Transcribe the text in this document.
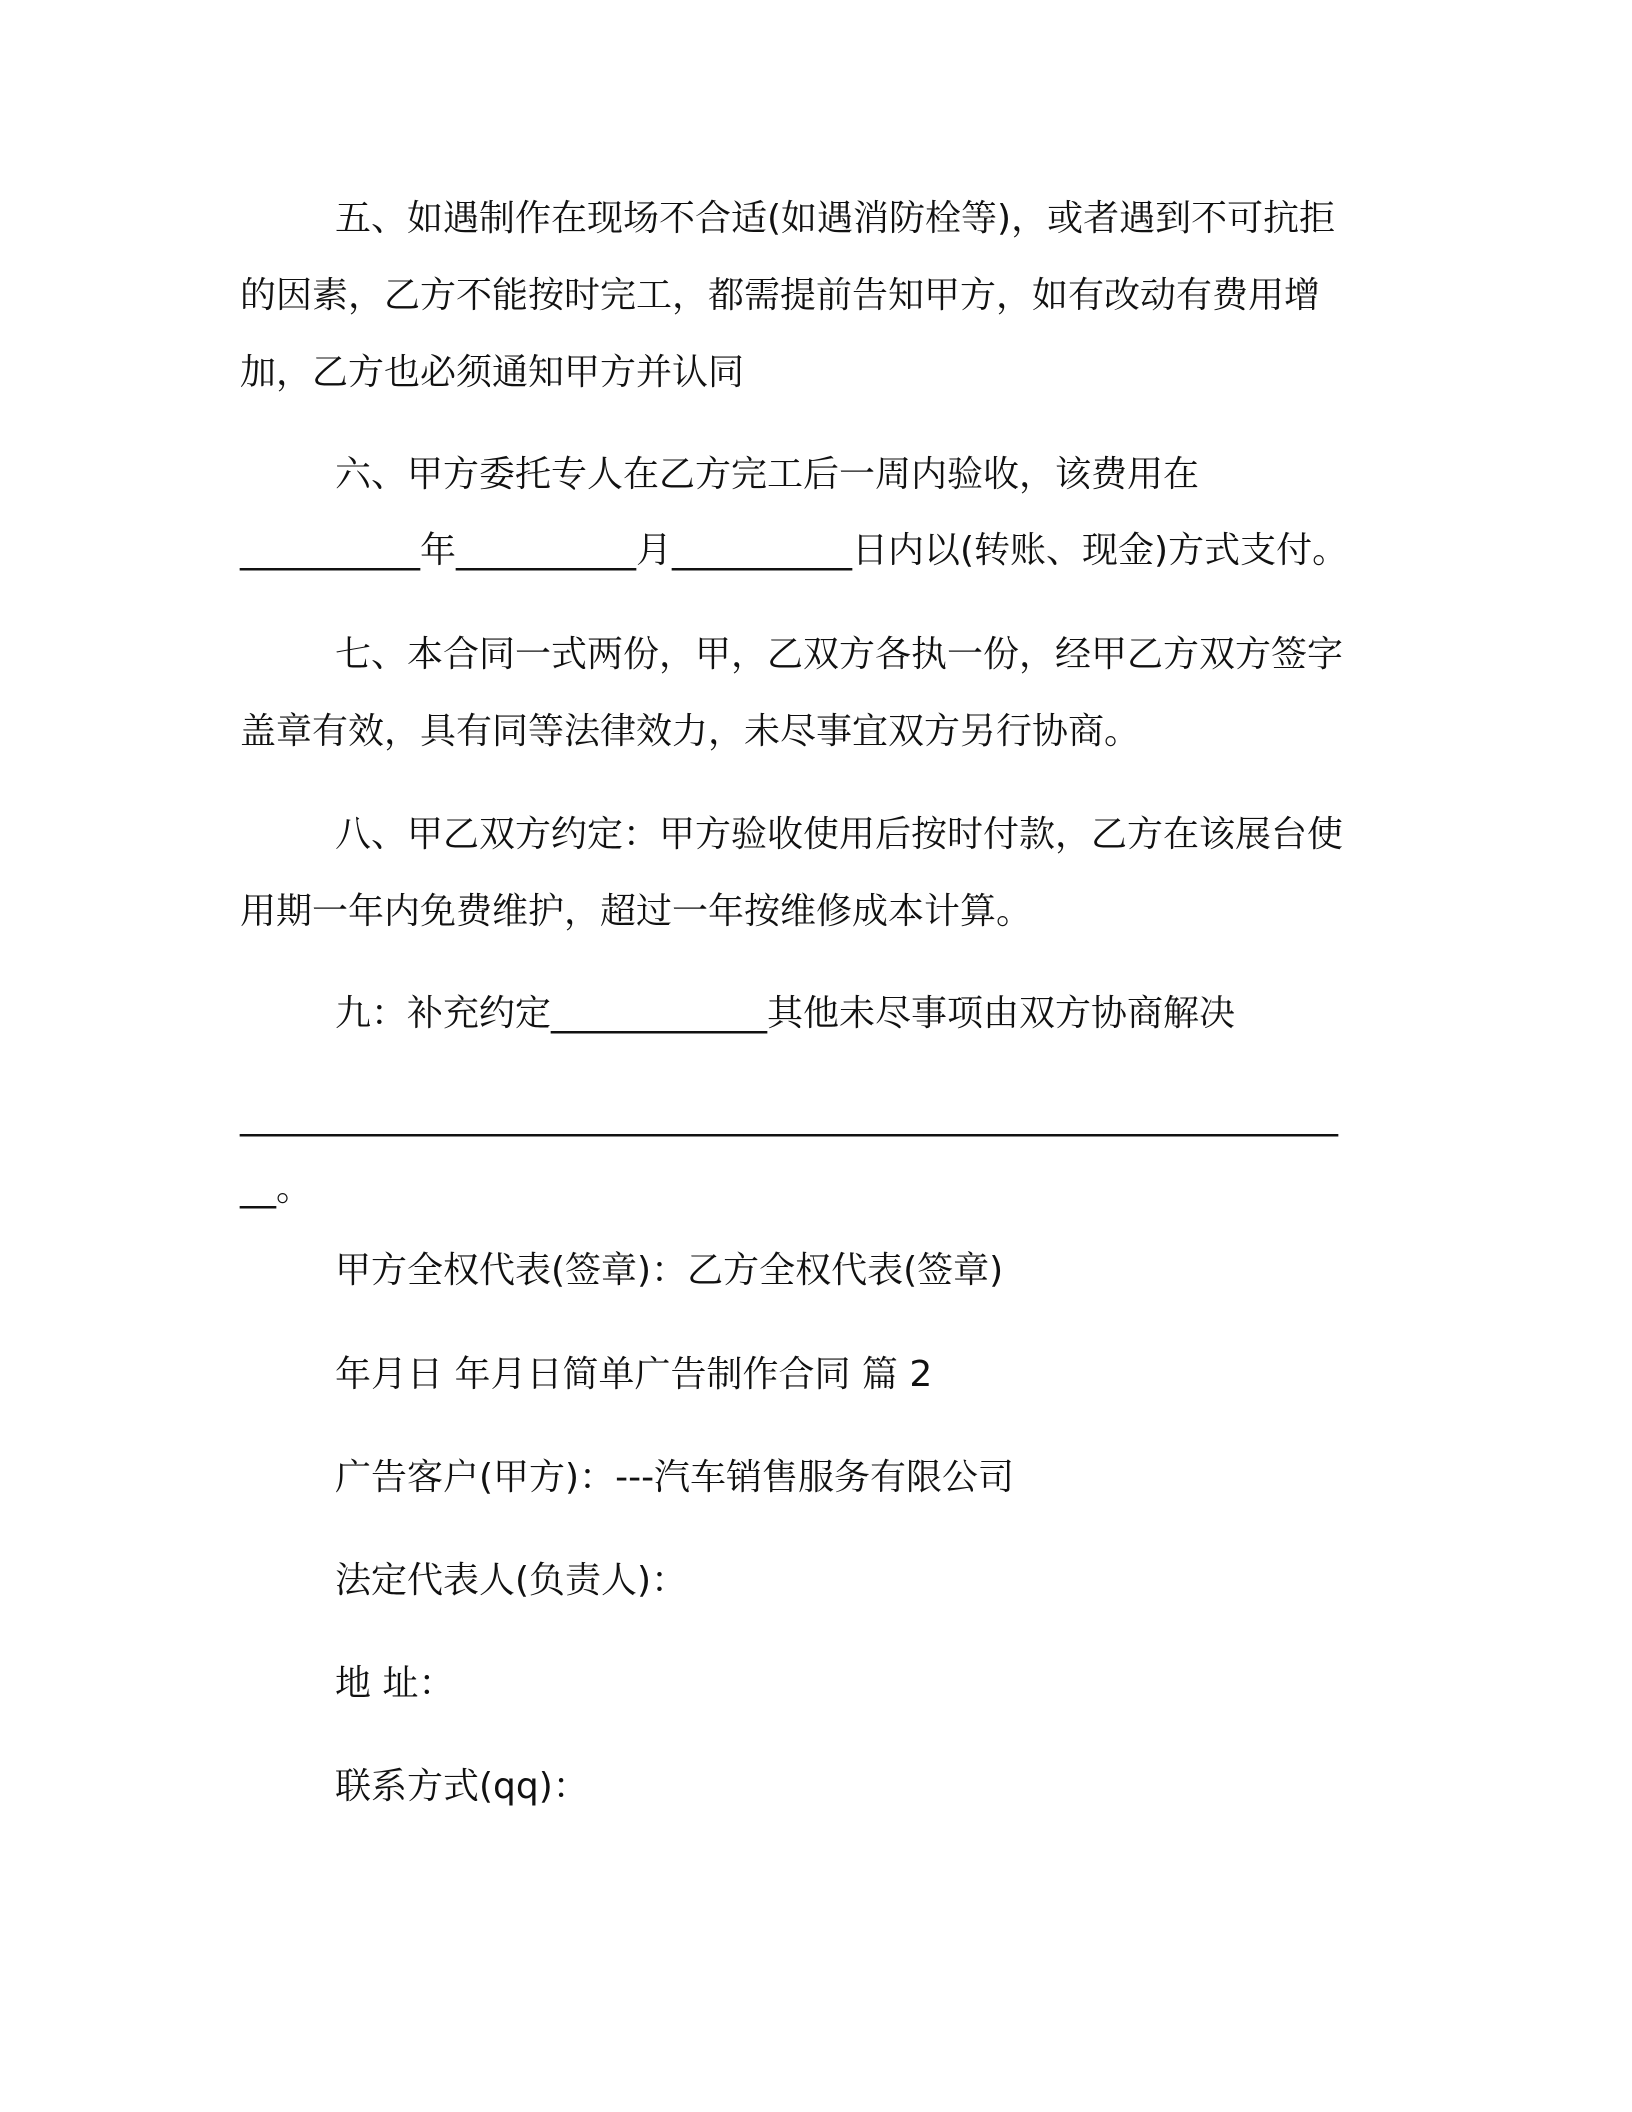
五、如遇制作在现场不合适(如遇消防栓等)，或者遇到不可抗拒
的因素，乙方不能按时完工，都需提前告知甲方，如有改动有费用增
加，乙方也必须通知甲方并认同
六、甲方委托专人在乙方完工后一周内验收，该费用在
__________年__________月__________日内以(转账、现金)方式支付。
七、本合同一式两份，甲，乙双方各执一份，经甲乙方双方签字
盖章有效，具有同等法律效力，未尽事宜双方另行协商。
八、甲乙双方约定：甲方验收使用后按时付款，乙方在该展台使
用期一年内免费维护，超过一年按维修成本计算。
九：补充约定____________其他未尽事项由双方协商解决
_____________________________________________________________
__。
甲方全权代表(签章)：乙方全权代表(签章)
年月日 年月日简单广告制作合同 篇 2
广告客户(甲方)：---汽车销售服务有限公司
法定代表人(负责人)：
地 址：
联系方式(qq)：
